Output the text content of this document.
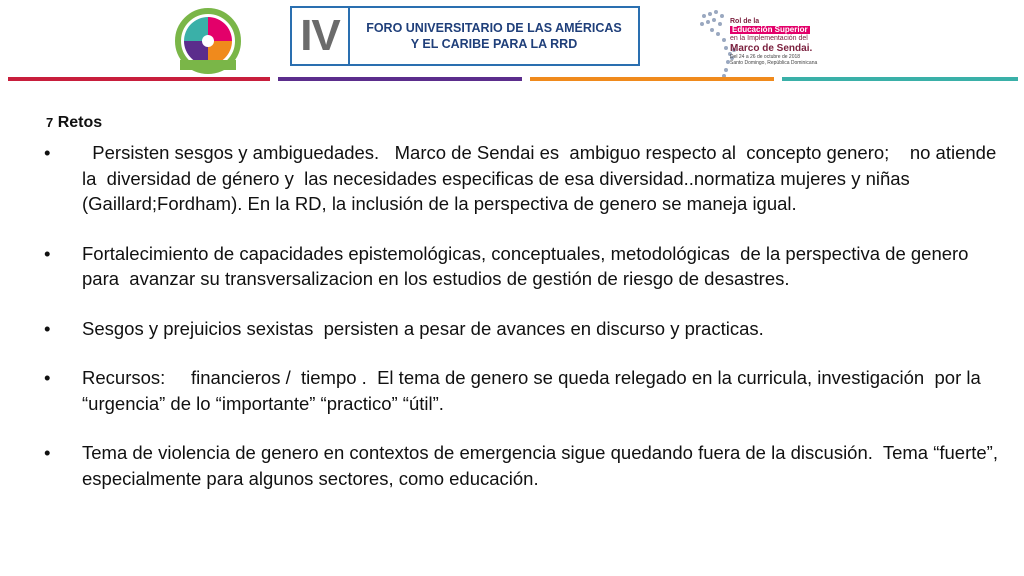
IV	FORO UNIVERSITARIO DE LAS AMÉRICAS
Y EL CARIBE PARA LA RRD
Rol de la
Educación Superior
en la Implementación del
Marco de Sendai.
Del 24 a 26 de octubre de 2018
Santo Domingo, República Dominicana
7 Retos
• Persisten sesgos y ambiguedades.   Marco de Sendai es  ambiguo respecto al  concepto genero;    no atiende la  diversidad de género y  las necesidades especificas de esa diversidad..normatiza mujeres y niñas (Gaillard;Fordham). En la RD, la inclusión de la perspectiva de genero se maneja igual.
• Fortalecimiento de capacidades epistemológicas, conceptuales, metodológicas  de la perspectiva de genero para  avanzar su transversalizacion en los estudios de gestión de riesgo de desastres.
• Sesgos y prejuicios sexistas  persisten a pesar de avances en discurso y practicas.
• Recursos:     financieros /  tiempo .  El tema de genero se queda relegado en la curricula, investigación  por la “urgencia” de lo “importante” “practico” “útil”.
• Tema de violencia de genero en contextos de emergencia sigue quedando fuera de la discusión.  Tema “fuerte”, especialmente para algunos sectores, como educación.
